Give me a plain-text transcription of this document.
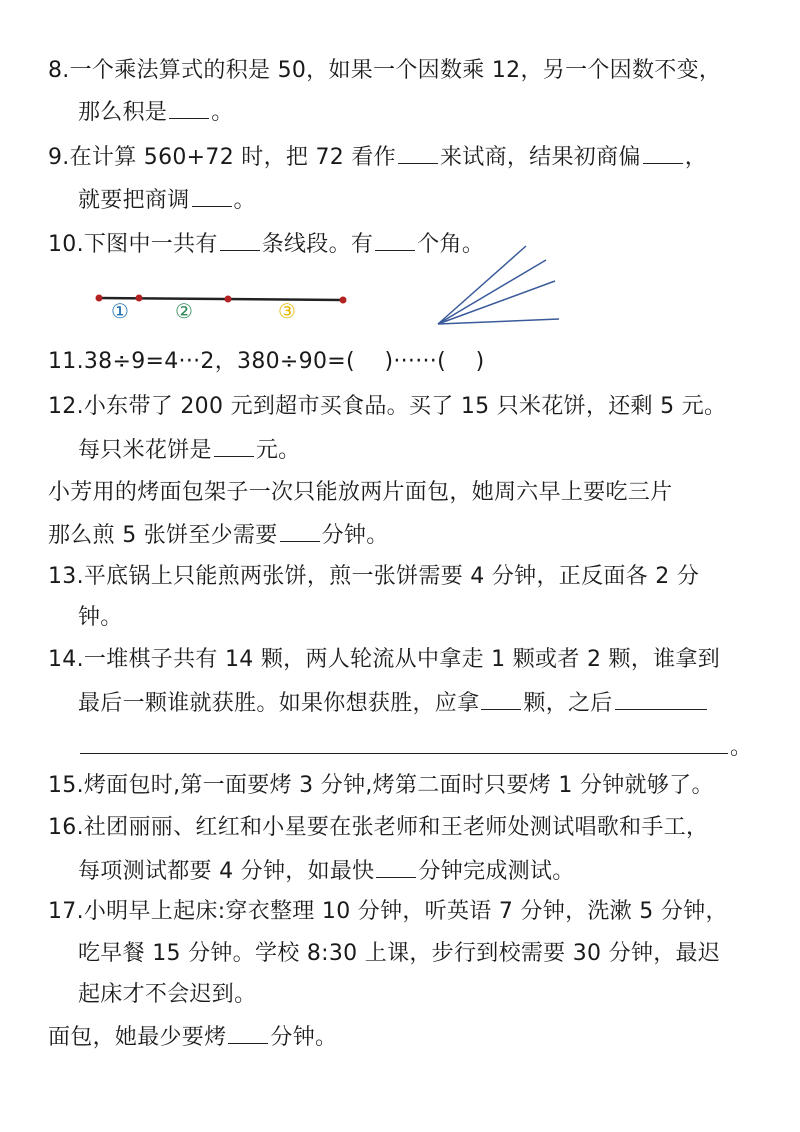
8.一个乘法算式的积是 50，如果一个因数乘 12，另一个因数不变，
那么积是 。
9.在计算 560+72 时，把 72 看作 来试商，结果初商偏 ，
就要把商调 。
10.下图中一共有 条线段。有 个角。
① ②	③
11.38÷9=4···2，380÷90=(　 )······(　 )
12.小东带了 200 元到超市买食品。买了 15 只米花饼，还剩 5 元。
每只米花饼是 元。
小芳用的烤面包架子一次只能放两片面包，她周六早上要吃三片
那么煎 5 张饼至少需要 分钟。
13.平底锅上只能煎两张饼，煎一张饼需要 4 分钟，正反面各 2 分
钟。
14.一堆棋子共有 14 颗，两人轮流从中拿走 1 颗或者 2 颗，谁拿到
最后一颗谁就获胜。如果你想获胜，应拿 颗，之后
。
15.烤面包时,第一面要烤 3 分钟,烤第二面时只要烤 1 分钟就够了。
16.社团丽丽、红红和小星要在张老师和王老师处测试唱歌和手工，
每项测试都要 4 分钟，如最快 分钟完成测试。
17.小明早上起床:穿衣整理 10 分钟，听英语 7 分钟，洗漱 5 分钟，
吃早餐 15 分钟。学校 8:30 上课，步行到校需要 30 分钟，最迟
起床才不会迟到。
面包，她最少要烤 分钟。
